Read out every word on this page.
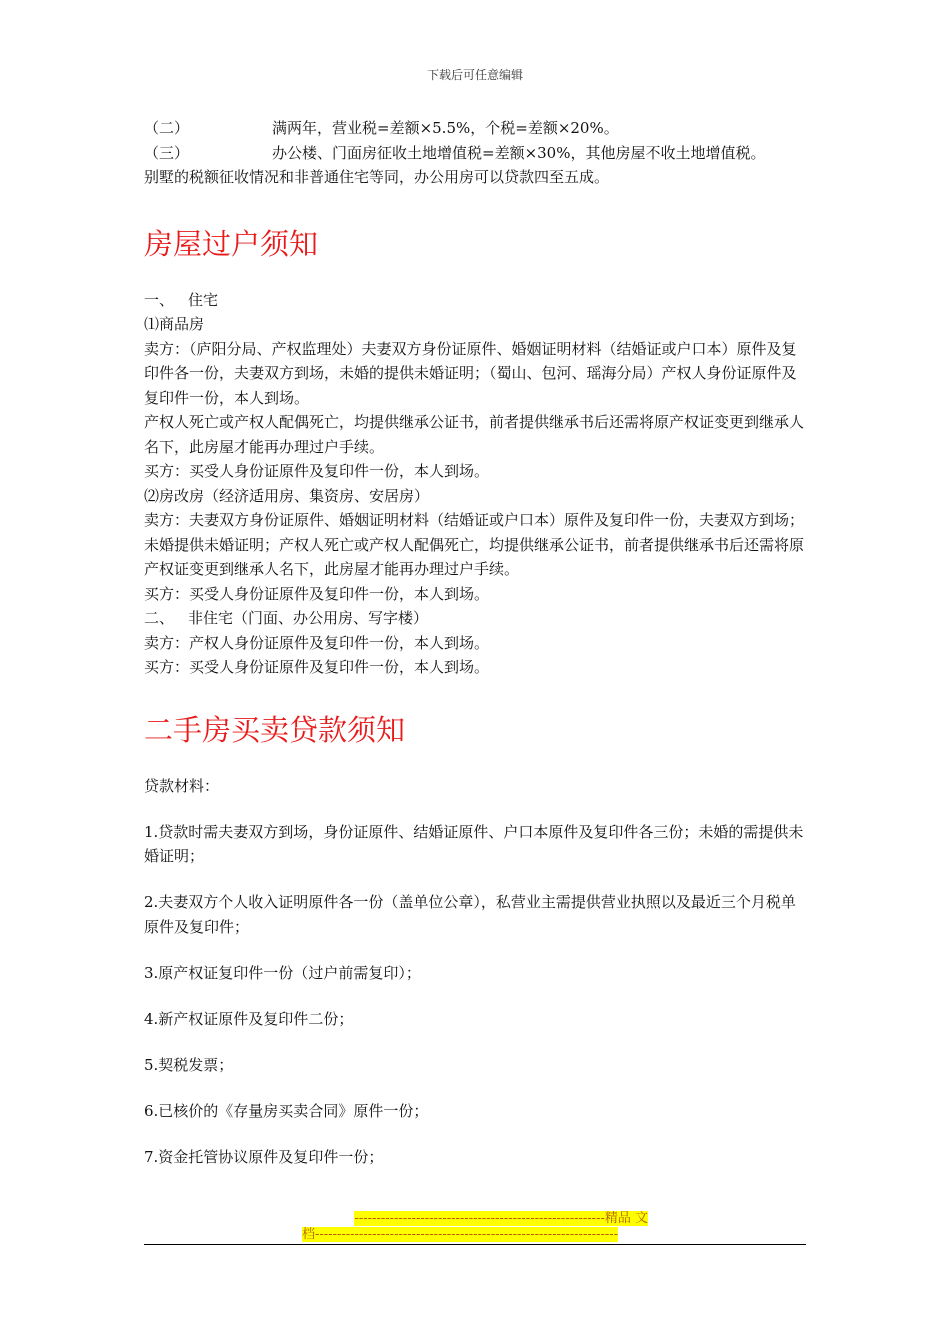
下载后可任意编辑
（二）	满两年，营业税=差额×5.5%，个税=差额×20%。
（三）	办公楼、门面房征收土地增值税=差额×30%，其他房屋不收土地增值税。

别墅的税额征收情况和非普通住宅等同，办公用房可以贷款四至五成。

房屋过户须知
一、 住宅

⑴商品房

卖方：（庐阳分局、产权监理处）夫妻双方身份证原件、婚姻证明材料（结婚证或户口本）原件及复印件各一份，夫妻双方到场，未婚的提供未婚证明；（蜀山、包河、瑶海分局）产权人身份证原件及复印件一份，本人到场。

产权人死亡或产权人配偶死亡，均提供继承公证书，前者提供继承书后还需将原产权证变更到继承人名下，此房屋才能再办理过户手续。

买方：买受人身份证原件及复印件一份，本人到场。

⑵房改房（经济适用房、集资房、安居房）

卖方：夫妻双方身份证原件、婚姻证明材料（结婚证或户口本）原件及复印件一份，夫妻双方到场；未婚提供未婚证明；产权人死亡或产权人配偶死亡，均提供继承公证书，前者提供继承书后还需将原产权证变更到继承人名下，此房屋才能再办理过户手续。

买方：买受人身份证原件及复印件一份，本人到场。

二、 非住宅（门面、办公用房、写字楼）

卖方：产权人身份证原件及复印件一份，本人到场。

买方：买受人身份证原件及复印件一份，本人到场。

二手房买卖贷款须知

贷款材料：

1.贷款时需夫妻双方到场，身份证原件、结婚证原件、户口本原件及复印件各三份；未婚的需提供未婚证明；

2.夫妻双方个人收入证明原件各一份（盖单位公章），私营业主需提供营业执照以及最近三个月税单原件及复印件；

3.原产权证复印件一份（过户前需复印）；

4.新产权证原件及复印件二份；

5.契税发票；

6.已核价的《存量房买卖合同》原件一份；

7.资金托管协议原件及复印件一份；

---------------------------------------------------------精品 文
档---------------------------------------------------------------------
